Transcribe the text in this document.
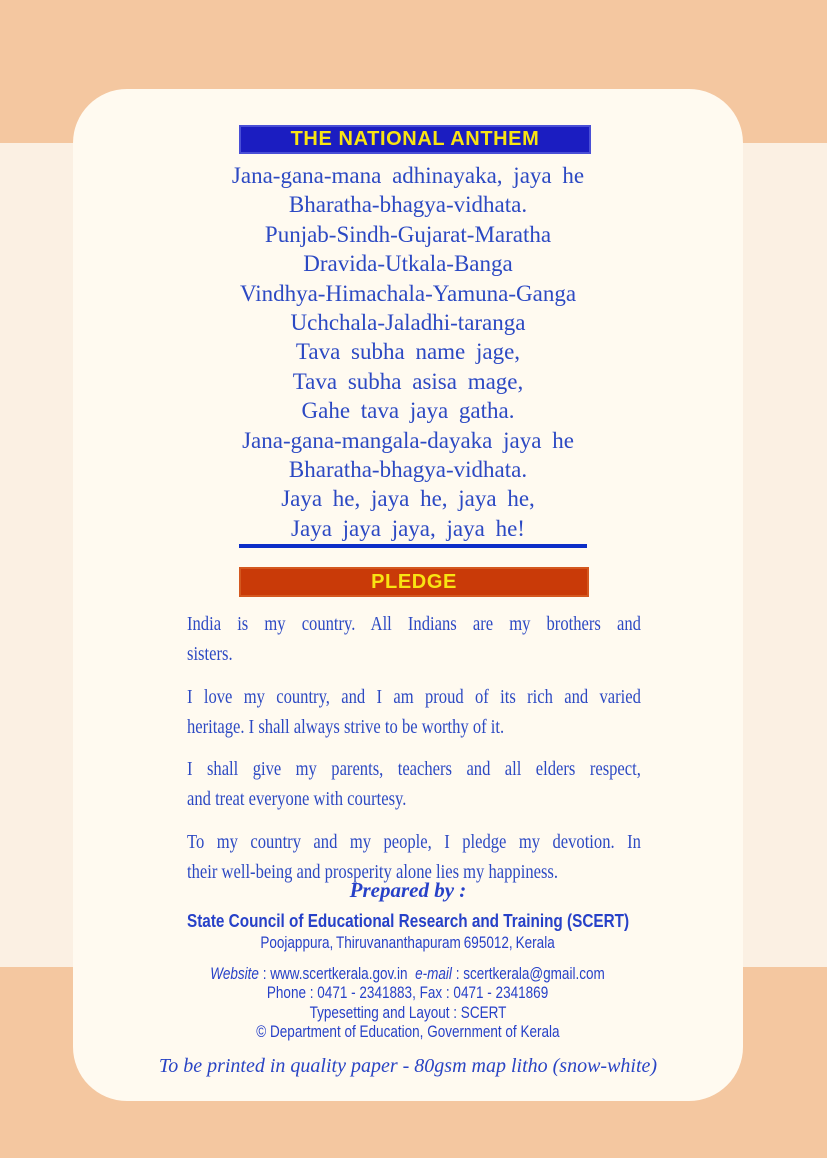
THE NATIONAL ANTHEM
Jana-gana-mana adhinayaka, jaya he
Bharatha-bhagya-vidhata.
Punjab-Sindh-Gujarat-Maratha
Dravida-Utkala-Banga
Vindhya-Himachala-Yamuna-Ganga
Uchchala-Jaladhi-taranga
Tava subha name jage,
Tava subha asisa mage,
Gahe tava jaya gatha.
Jana-gana-mangala-dayaka jaya he
Bharatha-bhagya-vidhata.
Jaya he, jaya he, jaya he,
Jaya jaya jaya, jaya he!
PLEDGE

India is my country. All Indians are my brothers and
sisters.

I love my country, and I am proud of its rich and varied
heritage. I shall always strive to be worthy of it.

I shall give my parents, teachers and all elders respect,
and treat everyone with courtesy.

To my country and my people, I pledge my devotion. In
their well-being and prosperity alone lies my happiness.

Prepared by :
State Council of Educational Research and Training (SCERT)
Poojappura, Thiruvananthapuram 695012, Kerala
Website : www.scertkerala.gov.in  e-mail : scertkerala@gmail.com
Phone : 0471 - 2341883, Fax : 0471 - 2341869
Typesetting and Layout : SCERT
© Department of Education, Government of Kerala
To be printed in quality paper - 80gsm map litho (snow-white)
